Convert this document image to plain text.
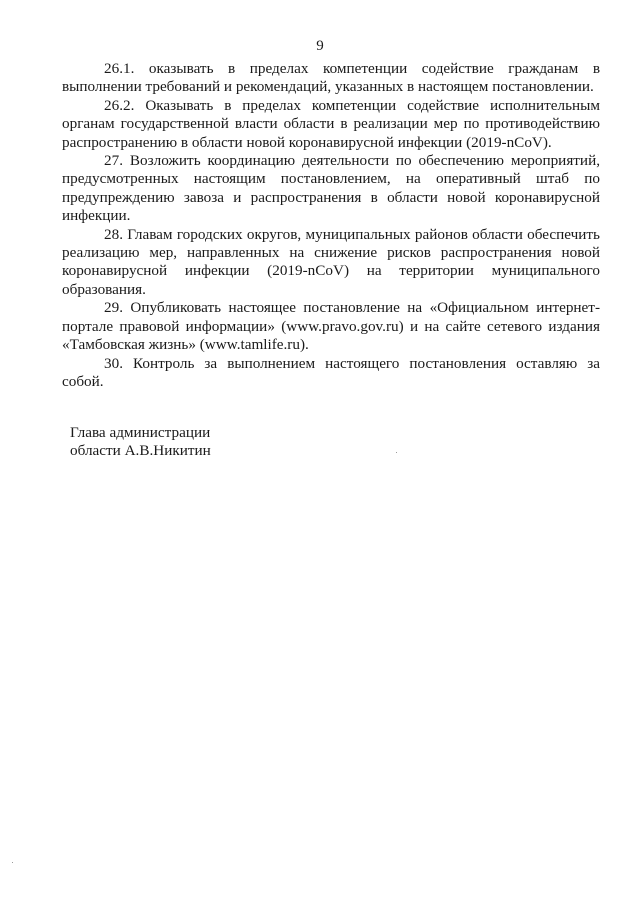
9

26.1. оказывать в пределах компетенции содействие гражданам в выполнении требований и рекомендаций, указанных в настоящем постановлении.

26.2. Оказывать в пределах компетенции содействие исполнительным органам государственной власти области в реализации мер по противодействию распространению в области новой коронавирусной инфекции (2019-nCoV).

27. Возложить координацию деятельности по обеспечению мероприятий, предусмотренных настоящим постановлением, на оперативный штаб по предупреждению завоза и распространения в области новой коронавирусной инфекции.

28. Главам городских округов, муниципальных районов области обеспечить реализацию мер, направленных на снижение рисков распространения новой коронавирусной инфекции (2019-nCoV) на территории муниципального образования.

29. Опубликовать настоящее постановление на «Официальном интернет-портале правовой информации» (www.pravo.gov.ru) и на сайте сетевого издания «Тамбовская жизнь» (www.tamlife.ru).

30. Контроль за выполнением настоящего постановления оставляю за собой.

Глава администрации
области А.В.Никитин
